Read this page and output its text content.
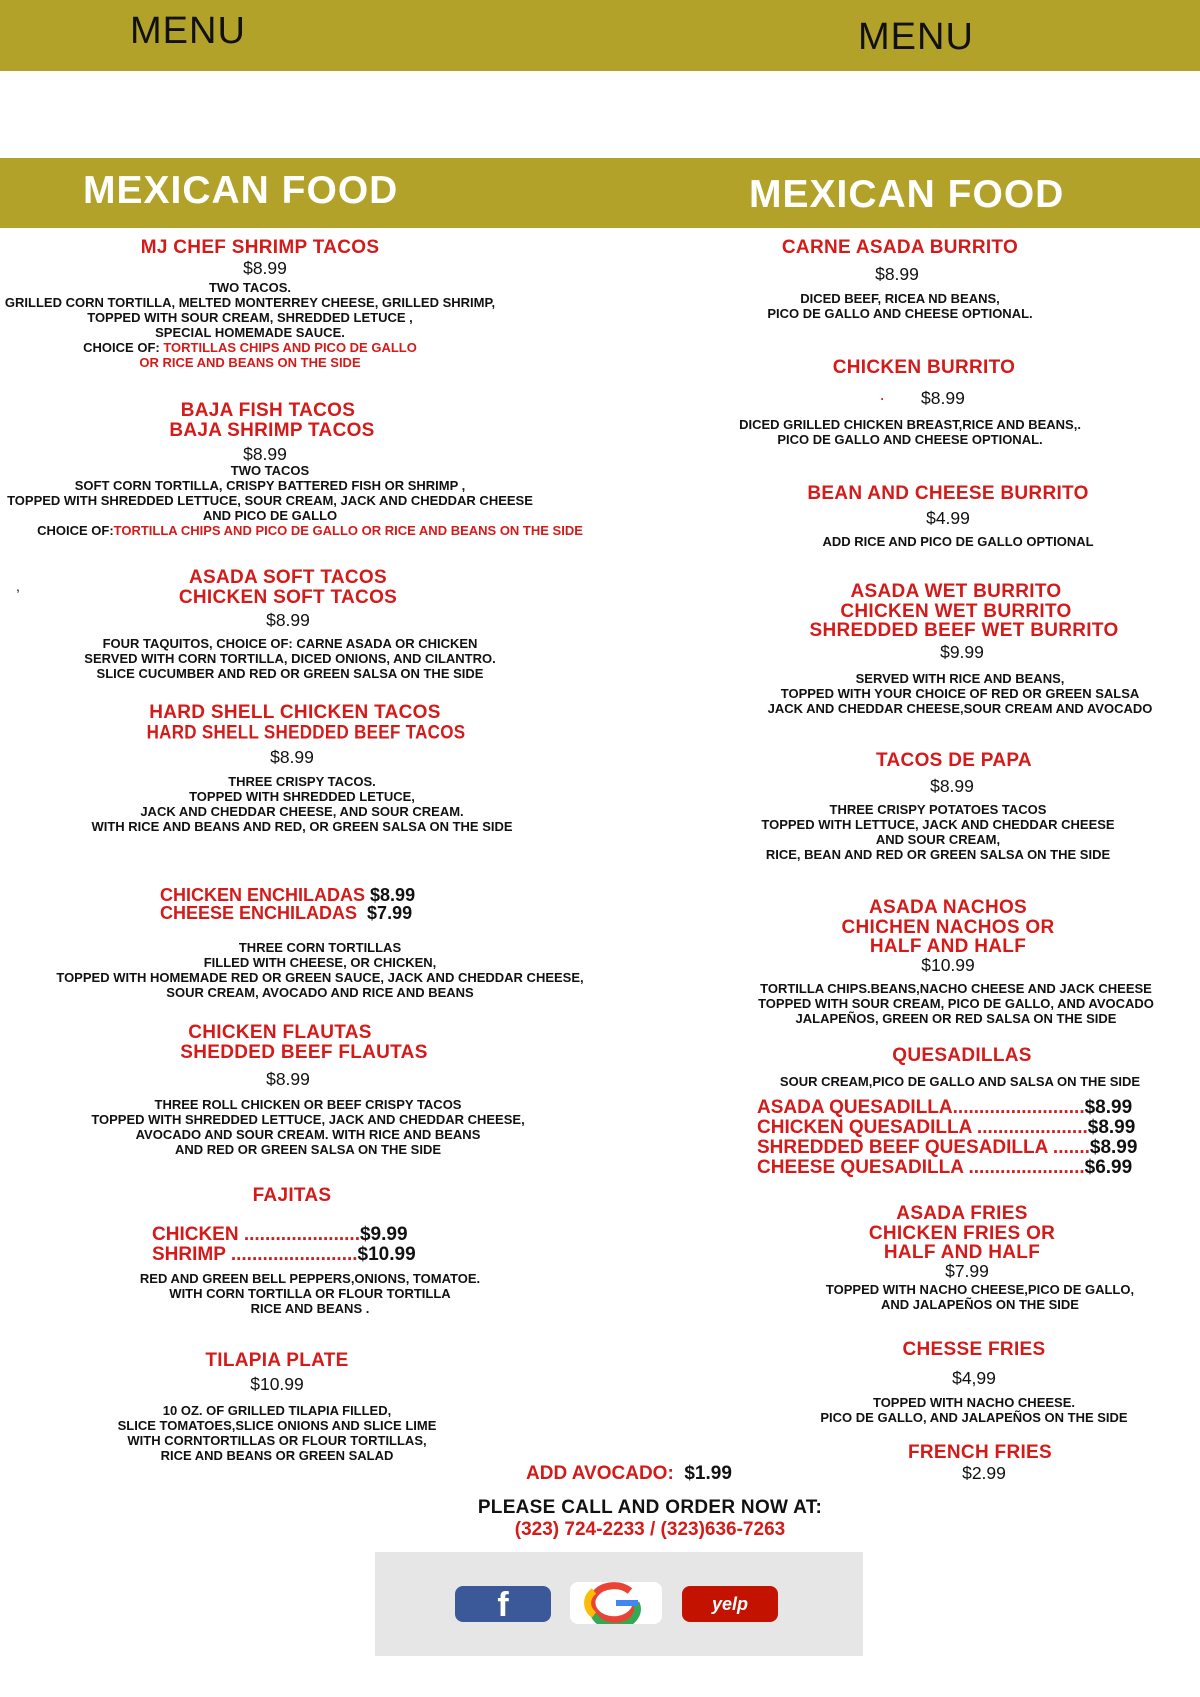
MENU	MENU
MEXICAN FOOD	MEXICAN FOOD
MJ CHEF SHRIMP TACOS
$8.99
TWO TACOS.
GRILLED CORN TORTILLA, MELTED MONTERREY CHEESE, GRILLED SHRIMP,
TOPPED WITH SOUR CREAM, SHREDDED LETUCE ,
SPECIAL HOMEMADE SAUCE.
CHOICE OF: TORTILLAS CHIPS AND PICO DE GALLO
OR RICE AND BEANS ON THE SIDE
BAJA FISH TACOS
BAJA SHRIMP TACOS
$8.99
TWO TACOS
SOFT CORN TORTILLA, CRISPY BATTERED FISH OR SHRIMP ,
TOPPED WITH SHREDDED LETTUCE, SOUR CREAM, JACK AND CHEDDAR CHEESE
AND PICO DE GALLO
CHOICE OF:TORTILLA CHIPS AND PICO DE GALLO OR RICE AND BEANS ON THE SIDE
,	ASADA SOFT TACOS
CHICKEN SOFT TACOS
$8.99
FOUR TAQUITOS, CHOICE OF: CARNE ASADA OR CHICKEN
SERVED WITH CORN TORTILLA, DICED ONIONS, AND CILANTRO.
SLICE CUCUMBER AND RED OR GREEN SALSA ON THE SIDE
HARD SHELL CHICKEN TACOS
HARD SHELL SHEDDED BEEF TACOS
$8.99
THREE CRISPY TACOS.
TOPPED WITH SHREDDED LETUCE,
JACK AND CHEDDAR CHEESE, AND SOUR CREAM.
WITH RICE AND BEANS AND RED, OR GREEN SALSA ON THE SIDE
CHICKEN ENCHILADAS $8.99
CHEESE ENCHILADAS $7.99
THREE CORN TORTILLAS
FILLED WITH CHEESE, OR CHICKEN,
TOPPED WITH HOMEMADE RED OR GREEN SAUCE, JACK AND CHEDDAR CHEESE,
SOUR CREAM, AVOCADO AND RICE AND BEANS
CHICKEN FLAUTAS
SHEDDED BEEF FLAUTAS
$8.99
THREE ROLL CHICKEN OR BEEF CRISPY TACOS
TOPPED WITH SHREDDED LETTUCE, JACK AND CHEDDAR CHEESE,
AVOCADO AND SOUR CREAM. WITH RICE AND BEANS
AND RED OR GREEN SALSA ON THE SIDE
FAJITAS
CHICKEN ......................$9.99
SHRIMP ........................$10.99
RED AND GREEN BELL PEPPERS,ONIONS, TOMATOE.
WITH CORN TORTILLA OR FLOUR TORTILLA
RICE AND BEANS .
TILAPIA PLATE
$10.99
10 OZ. OF GRILLED TILAPIA FILLED,
SLICE TOMATOES,SLICE ONIONS AND SLICE LIME
WITH CORNTORTILLAS OR FLOUR TORTILLAS,
RICE AND BEANS OR GREEN SALAD
CARNE ASADA BURRITO
$8.99
DICED BEEF, RICEA ND BEANS,
PICO DE GALLO AND CHEESE OPTIONAL.
CHICKEN BURRITO
· $8.99
DICED GRILLED CHICKEN BREAST,RICE AND BEANS,.
PICO DE GALLO AND CHEESE OPTIONAL.
BEAN AND CHEESE BURRITO
$4.99
ADD RICE AND PICO DE GALLO OPTIONAL
ASADA WET BURRITO
CHICKEN WET BURRITO
SHREDDED BEEF WET BURRITO
$9.99
SERVED WITH RICE AND BEANS,
TOPPED WITH YOUR CHOICE OF RED OR GREEN SALSA
JACK AND CHEDDAR CHEESE,SOUR CREAM AND AVOCADO
TACOS DE PAPA
$8.99
THREE CRISPY POTATOES TACOS
TOPPED WITH LETTUCE, JACK AND CHEDDAR CHEESE
AND SOUR CREAM,
RICE, BEAN AND RED OR GREEN SALSA ON THE SIDE
ASADA NACHOS
CHICHEN NACHOS OR
HALF AND HALF
$10.99
TORTILLA CHIPS.BEANS,NACHO CHEESE AND JACK CHEESE
TOPPED WITH SOUR CREAM, PICO DE GALLO, AND AVOCADO
JALAPEÑOS, GREEN OR RED SALSA ON THE SIDE
QUESADILLAS
SOUR CREAM,PICO DE GALLO AND SALSA ON THE SIDE
ASADA QUESADILLA.........................$8.99
CHICKEN QUESADILLA .....................$8.99
SHREDDED BEEF QUESADILLA .......$8.99
CHEESE QUESADILLA ......................$6.99
ASADA FRIES
CHICKEN FRIES OR
HALF AND HALF
$7.99
TOPPED WITH NACHO CHEESE,PICO DE GALLO,
AND JALAPEÑOS ON THE SIDE
CHESSE FRIES
$4,99
TOPPED WITH NACHO CHEESE.
PICO DE GALLO, AND JALAPEÑOS ON THE SIDE
FRENCH FRIES
$2.99
ADD AVOCADO: $1.99
PLEASE CALL AND ORDER NOW AT:
(323) 724-2233 / (323)636-7263
f	yelp
